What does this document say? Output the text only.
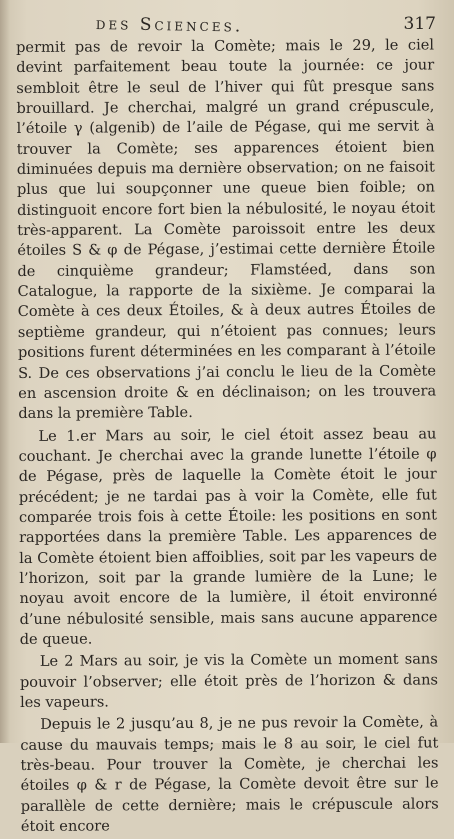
des Sciences.	317

permit pas de revoir la Comète; mais le 29, le ciel devint parfaitement beau toute la journée: ce jour sembloit être le seul de l’hiver qui fût presque sans brouillard. Je cherchai, malgré un grand crépuscule, l’étoile γ (algenib) de l’aile de Pégase, qui me servit à trouver la Comète; ses apparences étoient bien diminuées depuis ma dernière observation; on ne faisoit plus que lui soupçonner une queue bien foible; on distinguoit encore fort bien la nébulosité, le noyau étoit très-apparent. La Comète paroissoit entre les deux étoiles S & φ de Pégase, j’estimai cette dernière Étoile de cinquième grandeur; Flamstéed, dans son Catalogue, la rapporte de la sixième. Je comparai la Comète à ces deux Étoiles, & à deux autres Étoiles de septième grandeur, qui n’étoient pas connues; leurs positions furent déterminées en les comparant à l’étoile S. De ces observations j’ai conclu le lieu de la Comète en ascension droite & en déclinaison; on les trouvera dans la première Table.

Le 1.er Mars au soir, le ciel étoit assez beau au couchant. Je cherchai avec la grande lunette l’étoile φ de Pégase, près de laquelle la Comète étoit le jour précédent; je ne tardai pas à voir la Comète, elle fut comparée trois fois à cette Étoile: les positions en sont rapportées dans la première Table. Les apparences de la Comète étoient bien affoiblies, soit par les vapeurs de l’horizon, soit par la grande lumière de la Lune; le noyau avoit encore de la lumière, il étoit environné d’une nébulosité sensible, mais sans aucune apparence de queue.

Le 2 Mars au soir, je vis la Comète un moment sans pouvoir l’observer; elle étoit près de l’horizon & dans les vapeurs.

Depuis le 2 jusqu’au 8, je ne pus revoir la Comète, à cause du mauvais temps; mais le 8 au soir, le ciel fut très-beau. Pour trouver la Comète, je cherchai les étoiles φ & r de Pégase, la Comète devoit être sur le parallèle de cette dernière; mais le crépuscule alors étoit encore
